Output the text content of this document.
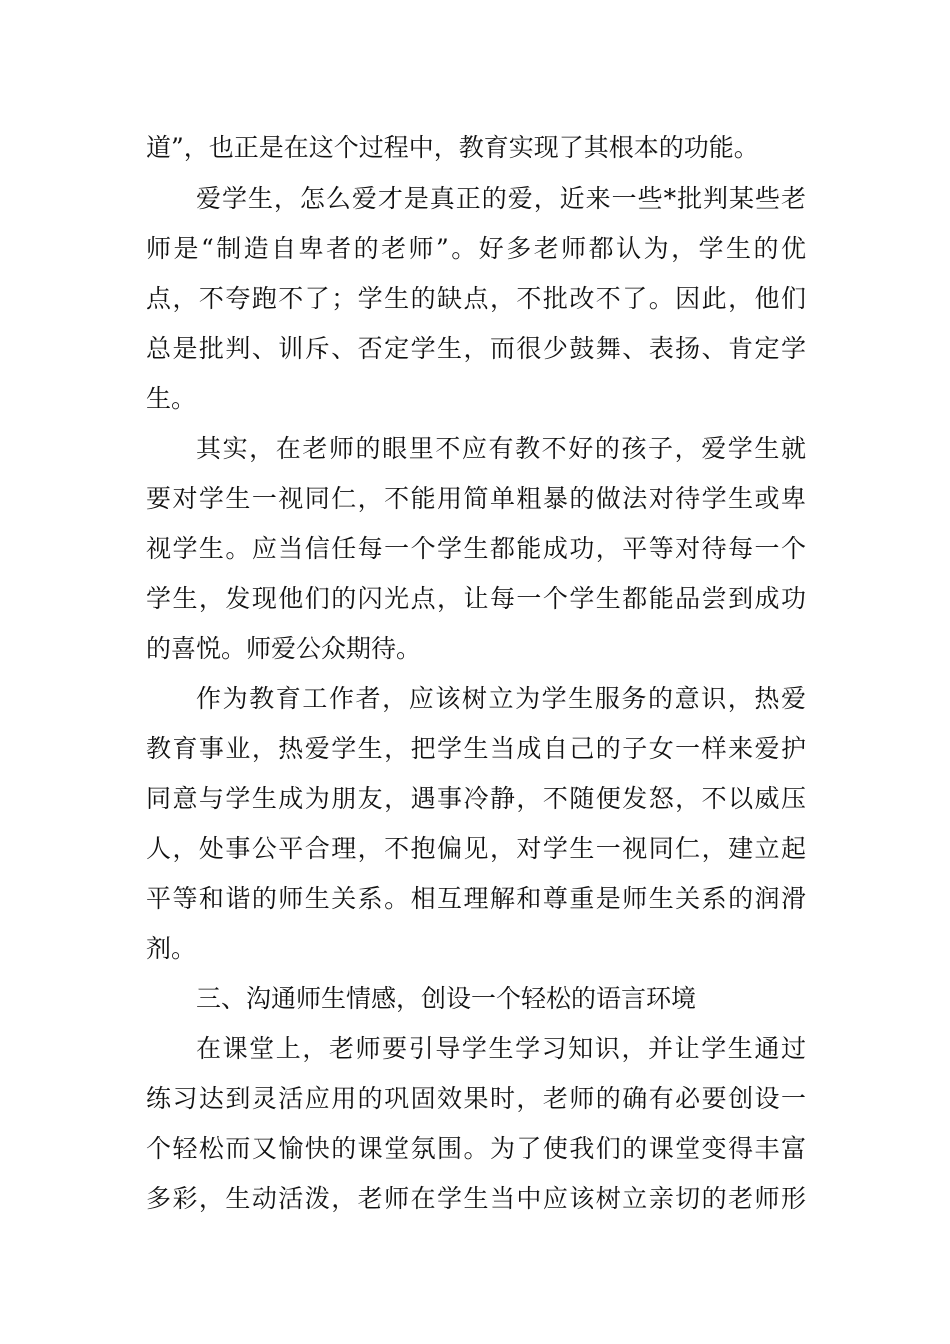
道”，也正是在这个过程中，教育实现了其根本的功能。
爱学生，怎么爱才是真正的爱，近来一些*批判某些老
师是“制造自卑者的老师”。好多老师都认为，学生的优
点，不夸跑不了；学生的缺点，不批改不了。因此，他们
总是批判、训斥、否定学生，而很少鼓舞、表扬、肯定学
生。
其实，在老师的眼里不应有教不好的孩子，爱学生就
要对学生一视同仁，不能用简单粗暴的做法对待学生或卑
视学生。应当信任每一个学生都能成功，平等对待每一个
学生，发现他们的闪光点，让每一个学生都能品尝到成功
的喜悦。师爱公众期待。
作为教育工作者，应该树立为学生服务的意识，热爱
教育事业，热爱学生，把学生当成自己的子女一样来爱护
同意与学生成为朋友，遇事冷静，不随便发怒，不以威压
人，处事公平合理，不抱偏见，对学生一视同仁，建立起
平等和谐的师生关系。相互理解和尊重是师生关系的润滑
剂。
三、沟通师生情感，创设一个轻松的语言环境
在课堂上，老师要引导学生学习知识，并让学生通过
练习达到灵活应用的巩固效果时，老师的确有必要创设一
个轻松而又愉快的课堂氛围。为了使我们的课堂变得丰富
多彩，生动活泼，老师在学生当中应该树立亲切的老师形
